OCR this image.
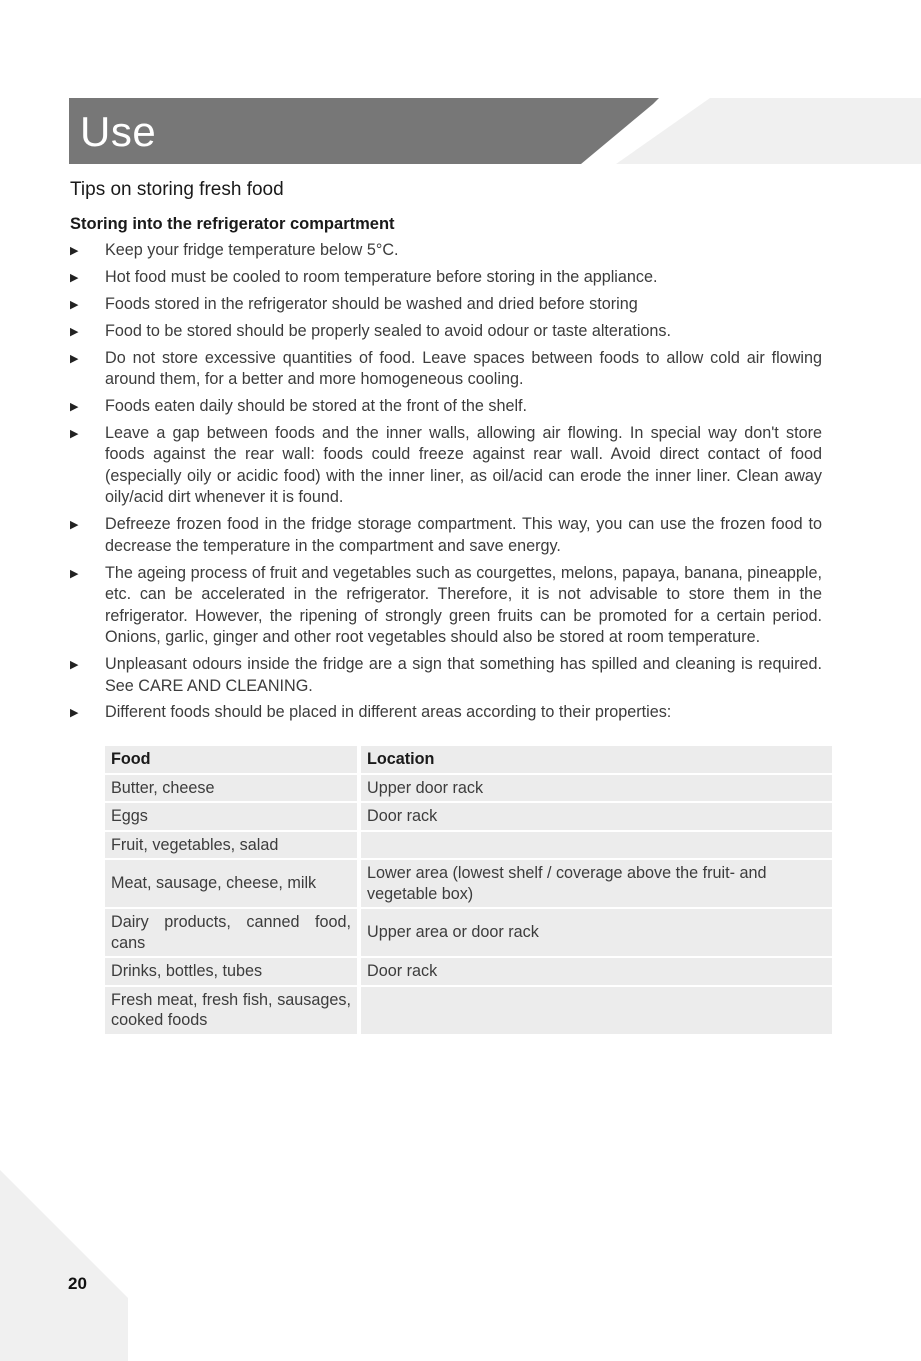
Use
Tips on storing fresh food
Storing into the refrigerator compartment
▶ Keep your fridge temperature below 5°C.
▶ Hot food must be cooled to room temperature before storing in the appliance.
▶ Foods stored in the refrigerator should be washed and dried before storing
▶ Food to be stored should be properly sealed to avoid odour or taste alterations.
▶ Do not store excessive quantities of food. Leave spaces between foods to allow cold air flowing around them, for a better and more homogeneous cooling.
▶ Foods eaten daily should be stored at the front of the shelf.
▶ Leave a gap between foods and the inner walls, allowing air flowing. In special way don't store foods against the rear wall: foods could freeze against rear wall. Avoid direct contact of food (especially oily or acidic food) with the inner liner, as oil/acid can erode the inner liner. Clean away oily/acid dirt whenever it is found.
▶ Defreeze frozen food in the fridge storage compartment. This way, you can use the frozen food to decrease the temperature in the compartment and save energy.
▶ The ageing process of fruit and vegetables such as courgettes, melons, papaya, banana, pineapple, etc. can be accelerated in the refrigerator. Therefore, it is not advisable to store them in the refrigerator. However, the ripening of strongly green fruits can be promoted for a certain period. Onions, garlic, ginger and other root vegetables should also be stored at room temperature.
▶ Unpleasant odours inside the fridge are a sign that something has spilled and cleaning is required. See CARE AND CLEANING.
▶ Different foods should be placed in different areas according to their properties:
Food	Location
Butter, cheese	Upper door rack
Eggs	Door rack
Fruit, vegetables, salad	
Meat, sausage, cheese, milk	Lower area (lowest shelf / coverage above the fruit- and vegetable box)
Dairy products, canned food, cans	Upper area or door rack
Drinks, bottles, tubes	Door rack
Fresh meat, fresh fish, sausages, cooked foods	

20
